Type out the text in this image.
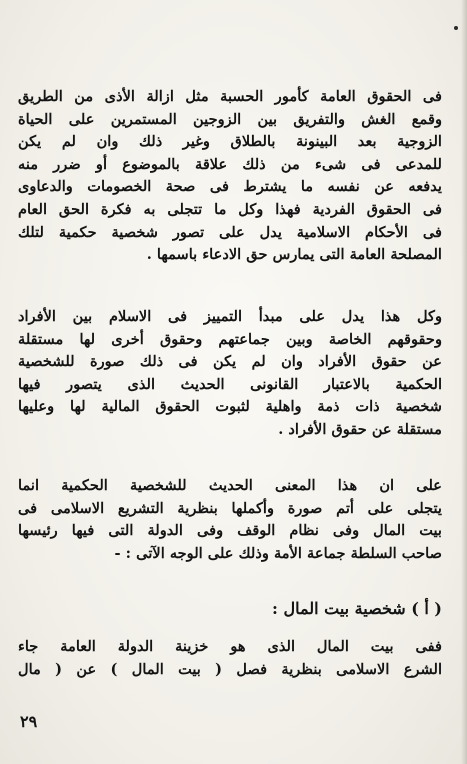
فى الحقوق العامة كأمور الحسبة مثل ازالة الأذى من الطريق
وقمع الغش والتفريق بين الزوجين المستمرين على الحياة
الزوجية بعد البينونة بالطلاق وغير ذلك وان لم يكن
للمدعى فى شىء من ذلك علاقة بالموضوع أو ضرر منه
يدفعه عن نفسه ما يشترط فى صحة الخصومات والدعاوى
فى الحقوق الفردية فهذا وكل ما تتجلى به فكرة الحق العام
فى الأحكام الاسلامية يدل على تصور شخصية حكمية لتلك
المصلحة العامة التى يمارس حق الادعاء باسمها .
وكل هذا يدل على مبدأ التمييز فى الاسلام بين الأفراد
وحقوقهم الخاصة وبين جماعتهم وحقوق أخرى لها مستقلة
عن حقوق الأفراد وان لم يكن فى ذلك صورة للشخصية
الحكمية بالاعتبار القانونى الحديث الذى يتصور فيها
شخصية ذات ذمة واهلية لثبوت الحقوق المالية لها وعليها
مستقلة عن حقوق الأفراد .
على ان هذا المعنى الحديث للشخصية الحكمية انما
يتجلى على أتم صورة وأكملها بنظرية التشريع الاسلامى فى
بيت المال وفى نظام الوقف وفى الدولة التى فيها رئيسها
صاحب السلطة جماعة الأمة وذلك على الوجه الآتى : -
( أ ) شخصية بيت المال :
ففى بيت المال الذى هو خزينة الدولة العامة جاء
الشرع الاسلامى بنظرية فصل ( بيت المال ) عن ( مال
٢٩
